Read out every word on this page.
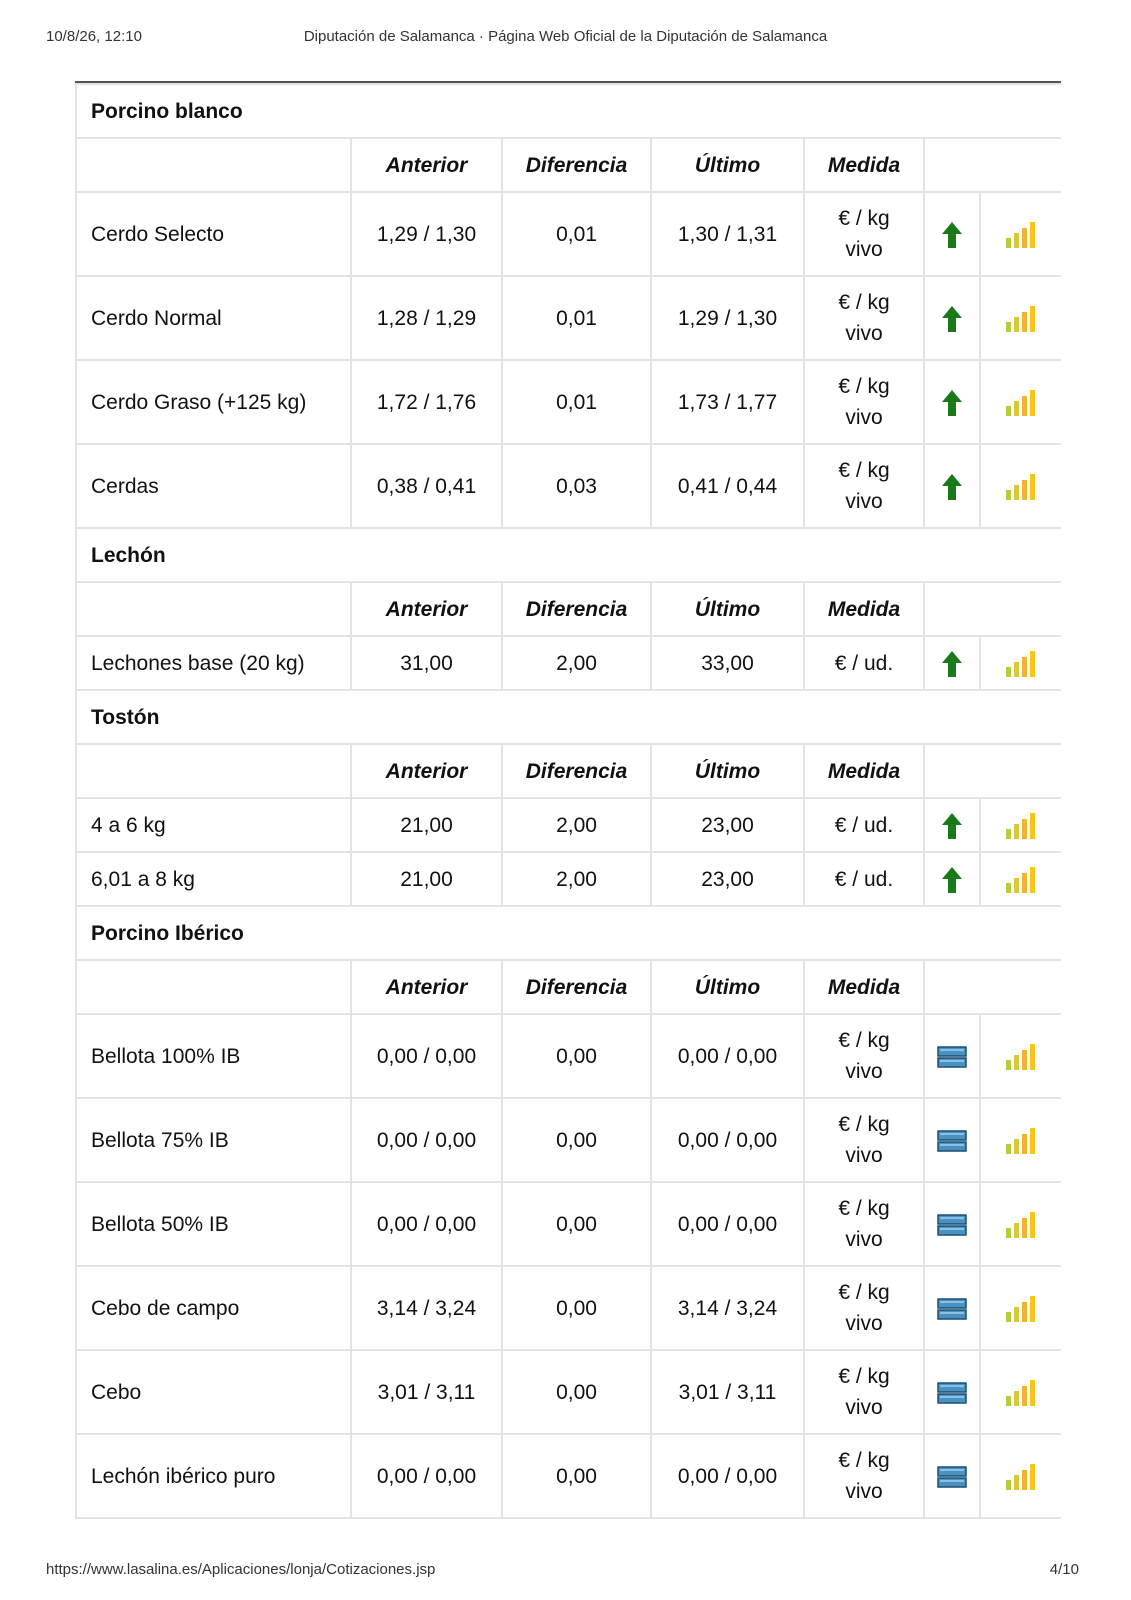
10/8/26, 12:10	Diputación de Salamanca · Página Web Oficial de la Diputación de Salamanca
Porcino blanco						
	Anterior	Diferencia	Último	Medida		
Cerdo Selecto	1,29 / 1,30	0,01	1,30 / 1,31	€ / kg
vivo

Cerdo Normal	1,28 / 1,29	0,01	1,29 / 1,30	€ / kg
vivo

Cerdo Graso (+125 kg)	1,72 / 1,76	0,01	1,73 / 1,77	€ / kg
vivo

Cerdas	0,38 / 0,41	0,03	0,41 / 0,44	€ / kg
vivo

Lechón						
	Anterior	Diferencia	Último	Medida		
Lechones base (20 kg)	31,00	2,00	33,00	€ / ud.		
Tostón						
	Anterior	Diferencia	Último	Medida		
4 a 6 kg	21,00	2,00	23,00	€ / ud.		
6,01 a 8 kg	21,00	2,00	23,00	€ / ud.		
Porcino Ibérico						
	Anterior	Diferencia	Último	Medida		
Bellota 100% IB	0,00 / 0,00	0,00	0,00 / 0,00	€ / kg
vivo

Bellota 75% IB	0,00 / 0,00	0,00	0,00 / 0,00	€ / kg
vivo

Bellota 50% IB	0,00 / 0,00	0,00	0,00 / 0,00	€ / kg
vivo

Cebo de campo	3,14 / 3,24	0,00	3,14 / 3,24	€ / kg
vivo

Cebo	3,01 / 3,11	0,00	3,01 / 3,11	€ / kg
vivo

Lechón ibérico puro	0,00 / 0,00	0,00	0,00 / 0,00	€ / kg
vivo

https://www.lasalina.es/Aplicaciones/lonja/Cotizaciones.jsp	4/10
